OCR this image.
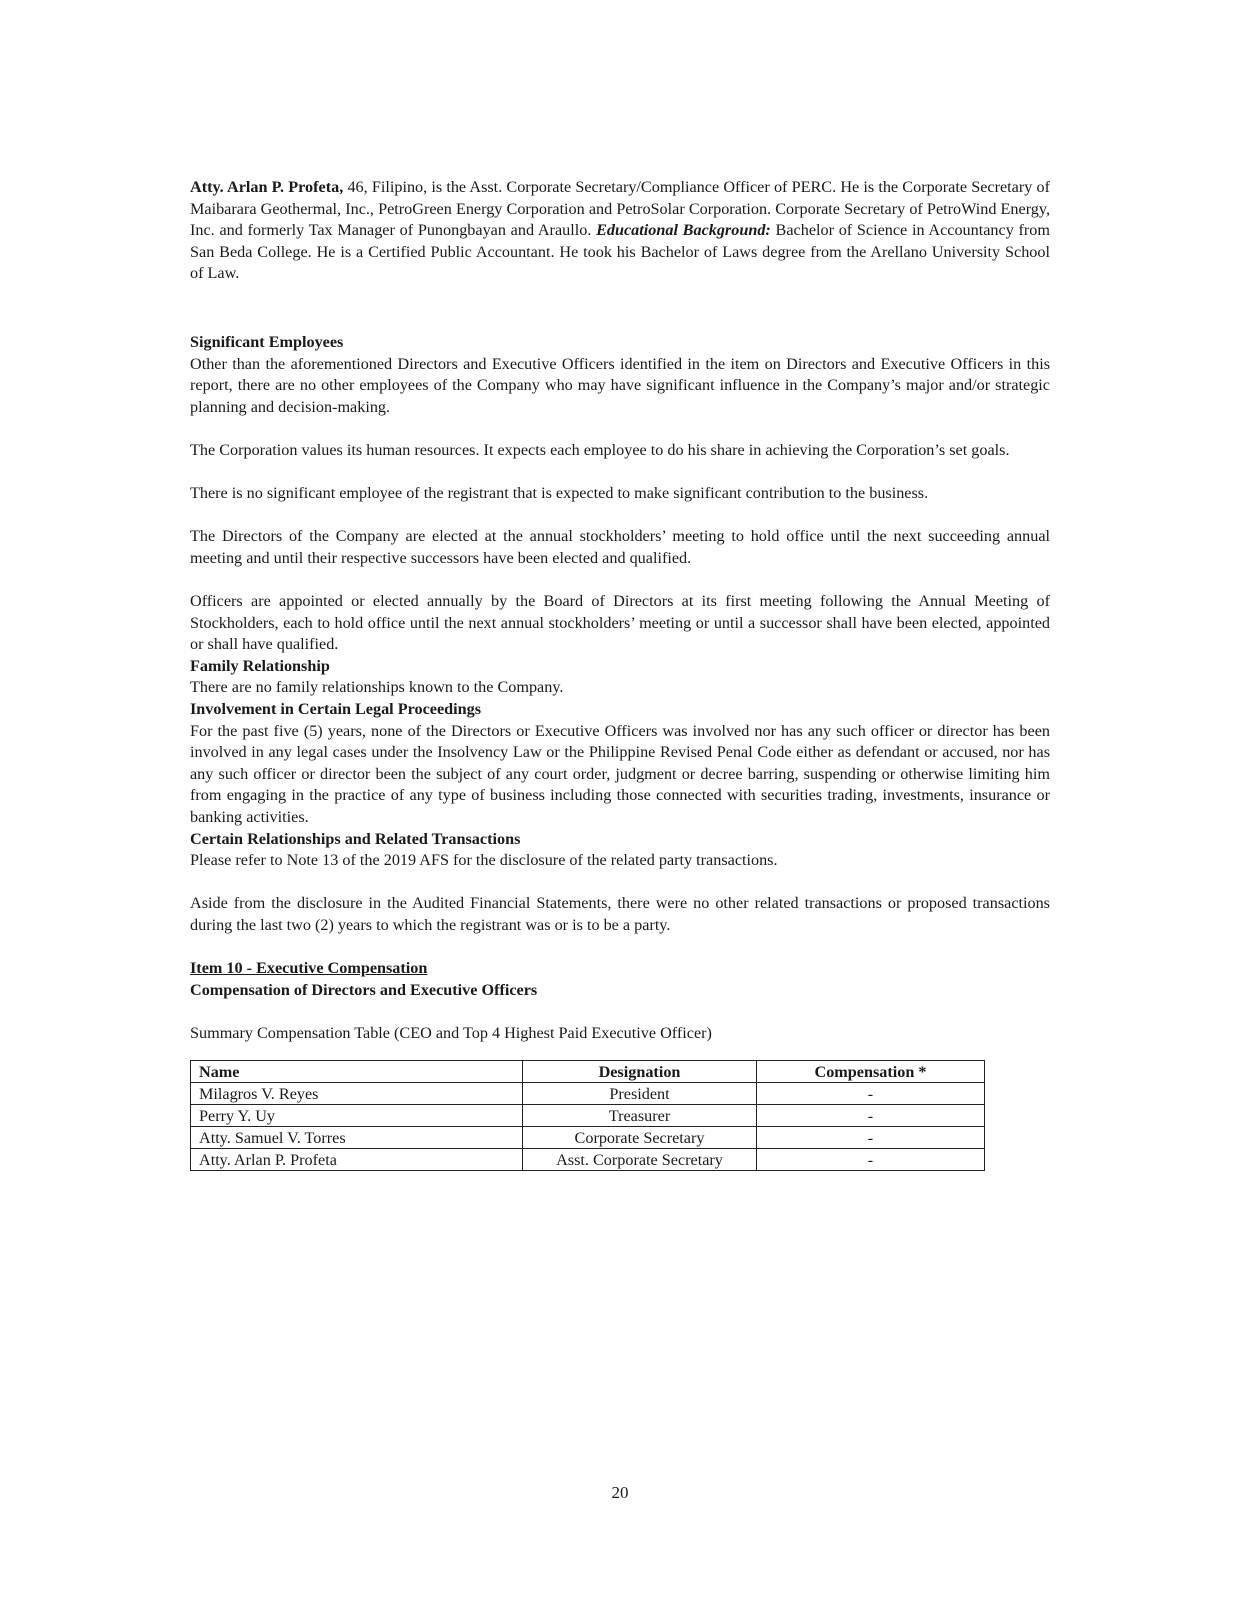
Atty. Arlan P. Profeta, 46, Filipino, is the Asst. Corporate Secretary/Compliance Officer of PERC. He is the Corporate Secretary of Maibarara Geothermal, Inc., PetroGreen Energy Corporation and PetroSolar Corporation. Corporate Secretary of PetroWind Energy, Inc. and formerly Tax Manager of Punongbayan and Araullo. Educational Background: Bachelor of Science in Accountancy from San Beda College. He is a Certified Public Accountant. He took his Bachelor of Laws degree from the Arellano University School of Law.

Significant Employees

Other than the aforementioned Directors and Executive Officers identified in the item on Directors and Executive Officers in this report, there are no other employees of the Company who may have significant influence in the Company’s major and/or strategic planning and decision-making.

The Corporation values its human resources. It expects each employee to do his share in achieving the Corporation’s set goals.

There is no significant employee of the registrant that is expected to make significant contribution to the business.

The Directors of the Company are elected at the annual stockholders’ meeting to hold office until the next succeeding annual meeting and until their respective successors have been elected and qualified.

Officers are appointed or elected annually by the Board of Directors at its first meeting following the Annual Meeting of Stockholders, each to hold office until the next annual stockholders’ meeting or until a successor shall have been elected, appointed or shall have qualified.

Family Relationship

There are no family relationships known to the Company.

Involvement in Certain Legal Proceedings

For the past five (5) years, none of the Directors or Executive Officers was involved nor has any such officer or director has been involved in any legal cases under the Insolvency Law or the Philippine Revised Penal Code either as defendant or accused, nor has any such officer or director been the subject of any court order, judgment or decree barring, suspending or otherwise limiting him from engaging in the practice of any type of business including those connected with securities trading, investments, insurance or banking activities.

Certain Relationships and Related Transactions

Please refer to Note 13 of the 2019 AFS for the disclosure of the related party transactions.

Aside from the disclosure in the Audited Financial Statements, there were no other related transactions or proposed transactions during the last two (2) years to which the registrant was or is to be a party.

Item 10 - Executive Compensation

Compensation of Directors and Executive Officers

Summary Compensation Table (CEO and Top 4 Highest Paid Executive Officer)

Name	Designation	Compensation *
Milagros V. Reyes	President	-
Perry Y. Uy	Treasurer	-
Atty. Samuel V. Torres	Corporate Secretary	-
Atty. Arlan P. Profeta	Asst. Corporate Secretary	-
20
